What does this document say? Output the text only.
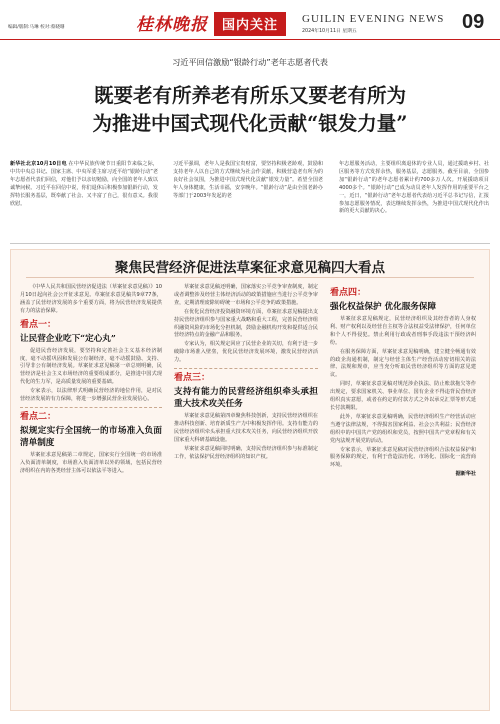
编辑/版制:马琳 校对:蔡晓珊	桂林晚报	国内关注	GUILIN EVENING NEWS
2024年10月11日 星期五	09
习近平回信激励“银龄行动”老年志愿者代表
既要老有所养老有所乐又要老有所为
为推进中国式现代化贡献“银发力量”
新华社北京10月10日电 在中华民族传统节日重阳节来临之际，中共中央总书记、国家主席、中央军委主席习近平给“银龄行动”老年志愿者代表们回信，对他们予以亲切勉励，向全国的老年人致以诚挚问候。习近平在回信中说，你们退休后积极参加银龄行动，发挥特长服务基层，既奉献了社会、又丰富了自己，很有意义。我很欣慰。
习近平强调，老年人是我国宝贵财富，要坚持积极老龄观，鼓励和支持老年人以自己的方式继续为社会作贡献，积极营造老有所为的良好社会氛围，为推进中国式现代化贡献“银发力量”。希望全国老年人身体健康，生活幸福，安享晚年。“银龄行动”是由全国老龄办等部门于2003年发起的老
年志愿服务活动，主要组织离退休的专业人员，通过援助乡村、社区服务等方式发挥余热，服务基层，志愿服务。截至目前，全国参加“银龄行动”的老年志愿者累计约700多万人次。开展援助项目4000多个。“银龄行动”已成为动员老年人发挥作用的重要平台之一，近日，“银龄行动”老年志愿者代表给习近平总书记写信，汇报参加志愿服务情况，表达继续发挥余热，为推进中国式现代化作出新的更大贡献的决心。
聚焦民营经济促进法草案征求意见稿四大看点

《中华人民共和国民营经济促进法（草案征求意见稿）》10月10日起向社会公开征求意见。草案征求意见稿共9章77条，涵盖了民营经济发展的多个重要方面，将为民营经济发展提供有力的法治保障。

看点一：
让民营企业吃下“定心丸”

促进民营经济发展，要坚持和完善社会主义基本经济制度，毫不动摇巩固和发展公有制经济，毫不动摇鼓励、支持、引导非公有制经济发展。草案征求意见稿第一章总则明确，民营经济是社会主义市场经济的重要组成部分，是推进中国式现代化的生力军，是高质量发展的重要基础。

专家表示，以法律形式明确民营经济的地位作用，是对民营经济发展的有力保障，将进一步增强民营企业发展信心。

看点二：
拟规定实行全国统一的市场准入负面清单制度

草案征求意见稿第二章规定，国家实行全国统一的市场准入负面清单制度，市场准入负面清单以外的领域，包括民营经济组织在内的各类经营主体可以依法平等进入。

草案征求意见稿还明确，国家落实公平竞争审查制度，制定或者调整涉及经营主体经济活动的政策措施应当进行公平竞争审查，定期清理废除妨碍统一市场和公平竞争的政策措施。

在优化民营经济投资融资环境方面，草案征求意见稿提出支持民营经济组织参与国家重大战略和重大工程，完善民营经济组织融资风险的市场化分担机制，鼓励金融机构开发和提供适合民营经济特点的金融产品和服务。

专家认为，相关规定回应了民营企业的关切，有利于进一步破除市场准入壁垒，优化民营经济发展环境，激发民营经济活力。

看点三：
支持有能力的民营经济组织牵头承担重大技术攻关任务

草案征求意见稿第四章聚焦科技创新，支持民营经济组织在推动科技创新、培育新质生产力中积极发挥作用。支持有能力的民营经济组织牵头承担重大技术攻关任务，向民营经济组织开放国家重大科研基础设施。

草案征求意见稿同时明确，支持民营经济组织参与标准制定工作，依法保护民营经济组织的知识产权。

看点四：
强化权益保护 优化服务保障

草案征求意见稿规定，民营经济组织及其经营者的人身权利、财产权利以及经营自主权等合法权益受法律保护，任何单位和个人不得侵犯。禁止利用行政或者刑事手段违法干预经济纠纷。

在服务保障方面，草案征求意见稿明确，建立健全畅通有效的政企沟通机制，制定与经营主体生产经营活动密切相关的法律、法规和规章，应当充分听取民营经济组织等方面的意见建议。

同时，草案征求意见稿对规范涉企执法、防止账款拖欠等作出规定，要求国家机关、事业单位、国有企业不得违背民营经济组织真实意愿，或者在约定的付款方式之外以承兑汇票等形式延长付款期限。

此外，草案征求意见稿明确，民营经济组织生产经营活动应当遵守法律法规，不得损害国家利益、社会公共利益；民营经济组织中的中国共产党的组织和党员，按照中国共产党章程和有关党内法规开展党的活动。

专家表示，草案征求意见稿对民营经济组织合法权益保护和服务保障的规定，有利于营造法治化、市场化、国际化一流营商环境。

据新华社
